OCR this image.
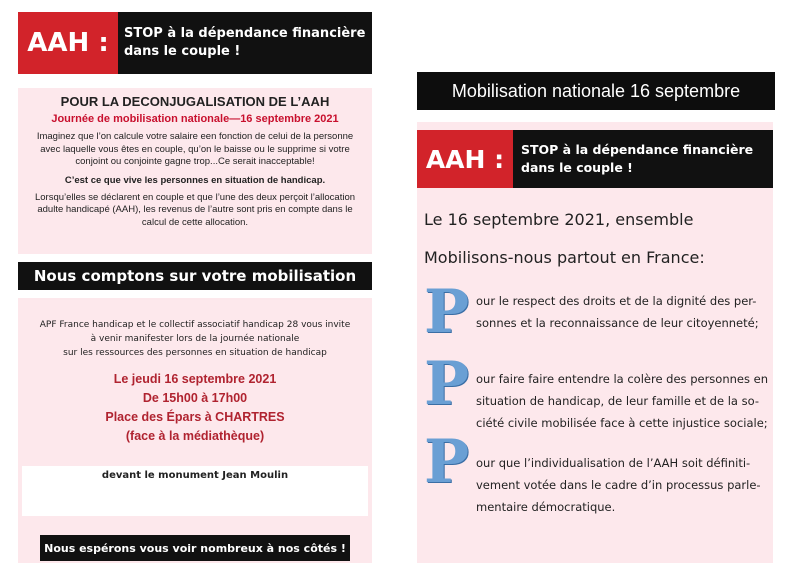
AAH :	STOP à la dépendance financière
dans le couple !
POUR LA DECONJUGALISATION DE L’AAH
Journée de mobilisation nationale—16 septembre 2021
Imaginez que l’on calcule votre salaire een fonction de celui de la personne avec laquelle vous êtes en couple, qu’on le baisse ou le supprime si votre conjoint ou conjointe gagne trop...Ce serait inacceptable!
C’est ce que vive les personnes en situation de handicap.
Lorsqu’elles se déclarent en couple et que l’une des deux perçoit l’allocation adulte handicapé (AAH), les revenus de l’autre sont pris en compte dans le calcul de cette allocation.
Nous comptons sur votre mobilisation
APF France handicap et le collectif associatif handicap 28 vous invite
à venir manifester lors de la journée nationale
sur les ressources des personnes en situation de handicap
Le jeudi 16 septembre 2021
De 15h00 à 17h00
Place des Épars à CHARTRES
(face à la médiathèque)
devant le monument Jean Moulin
Nous espérons vous voir nombreux à nos côtés !
Mobilisation nationale 16 septembre
AAH :	STOP à la dépendance financière
dans le couple !
Le 16 septembre 2021, ensemble
Mobilisons-nous partout en France:
P our le respect des droits et de la dignité des per-
sonnes et la reconnaissance de leur citoyenneté;
P our faire faire entendre la colère des personnes en
situation de handicap, de leur famille et de la so-
ciété civile mobilisée face à cette injustice sociale;
P our que l’individualisation de l’AAH soit définiti-
vement votée dans le cadre d’in processus parle-
mentaire démocratique.
